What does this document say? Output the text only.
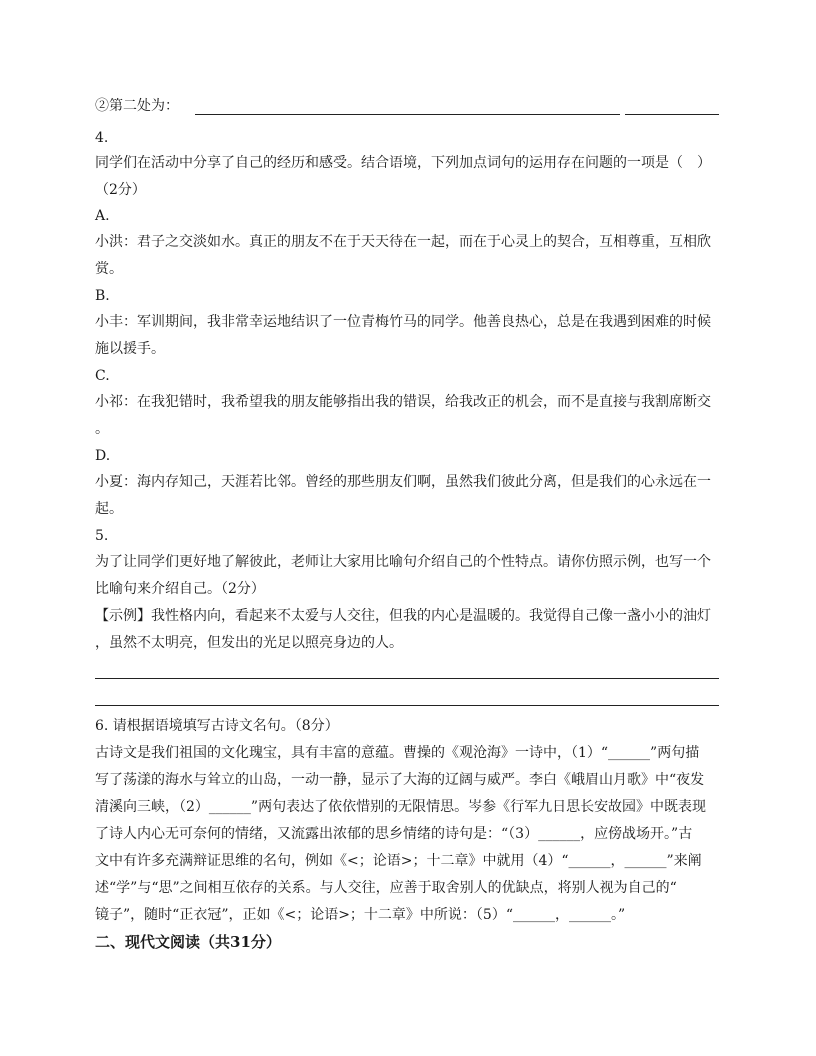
②第二处为：
4.
同学们在活动中分享了自己的经历和感受。结合语境，下列加点词句的运用存在问题的一项是（　）
（2分）
A.
小洪：君子之交淡如水。真正的朋友不在于天天待在一起，而在于心灵上的契合，互相尊重，互相欣
赏。
B.
小丰：军训期间，我非常幸运地结识了一位青梅竹马的同学。他善良热心，总是在我遇到困难的时候
施以援手。
C.
小祁：在我犯错时，我希望我的朋友能够指出我的错误，给我改正的机会，而不是直接与我割席断交
。
D.
小夏：海内存知己，天涯若比邻。曾经的那些朋友们啊，虽然我们彼此分离，但是我们的心永远在一
起。
5.
为了让同学们更好地了解彼此，老师让大家用比喻句介绍自己的个性特点。请你仿照示例，也写一个
比喻句来介绍自己。（2分）
【示例】我性格内向，看起来不太爱与人交往，但我的内心是温暖的。我觉得自己像一盏小小的油灯
，虽然不太明亮，但发出的光足以照亮身边的人。
6. 请根据语境填写古诗文名句。（8分）
古诗文是我们祖国的文化瑰宝，具有丰富的意蕴。曹操的《观沧海》一诗中，（1）“______”两句描
写了荡漾的海水与耸立的山岛，一动一静，显示了大海的辽阔与威严。李白《峨眉山月歌》中“夜发
清溪向三峡，（2）______”两句表达了依依惜别的无限情思。岑参《行军九日思长安故园》中既表现
了诗人内心无可奈何的情绪，又流露出浓郁的思乡情绪的诗句是：“（3）______，应傍战场开。”古
文中有许多充满辩证思维的名句，例如《<；论语>；十二章》中就用（4）“______，______”来阐
述“学”与“思”之间相互依存的关系。与人交往，应善于取舍别人的优缺点，将别人视为自己的“
镜子”，随时“正衣冠”，正如《<；论语>；十二章》中所说：（5）“______，______。”
二、现代文阅读（共31分）
